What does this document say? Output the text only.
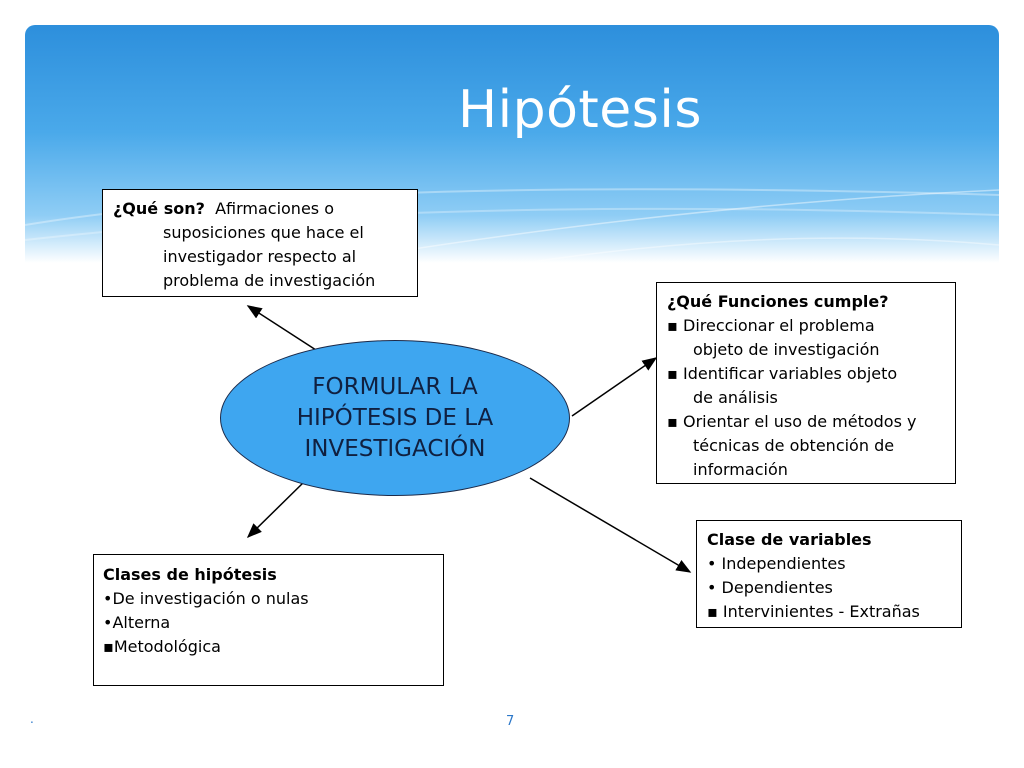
Hipótesis
¿Qué son? Afirmaciones o
suposiciones que hace el
investigador respecto al
problema de investigación
¿Qué Funciones cumple?
▪ Direccionar el problema
objeto de investigación
▪ Identificar variables objeto
de análisis
▪ Orientar el uso de métodos y
técnicas de obtención de
información
FORMULAR LA
HIPÓTESIS DE LA
INVESTIGACIÓN
Clases de hipótesis
•De investigación o nulas
•Alterna
▪Metodológica
Clase de variables
• Independientes
• Dependientes
▪ Intervinientes - Extrañas
.	7
